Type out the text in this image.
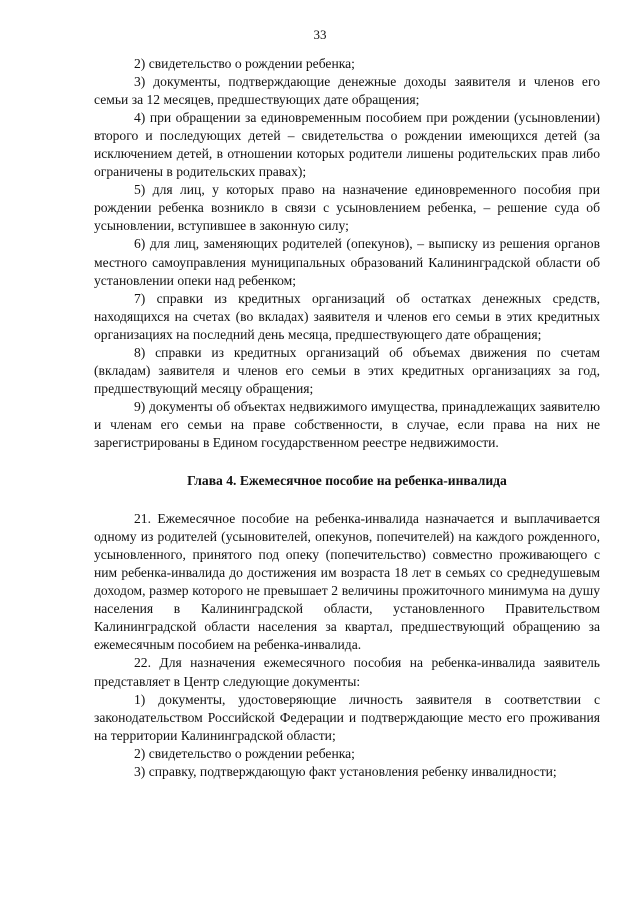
33

2) свидетельство о рождении ребенка;

3) документы, подтверждающие денежные доходы заявителя и членов его семьи за 12 месяцев, предшествующих дате обращения;

4) при обращении за единовременным пособием при рождении (усыновлении) второго и последующих детей – свидетельства о рождении имеющихся детей (за исключением детей, в отношении которых родители лишены родительских прав либо ограничены в родительских правах);

5) для лиц, у которых право на назначение единовременного пособия при рождении ребенка возникло в связи с усыновлением ребенка, – решение суда об усыновлении, вступившее в законную силу;

6) для лиц, заменяющих родителей (опекунов), – выписку из решения органов местного самоуправления муниципальных образований Калининградской области об установлении опеки над ребенком;

7) справки из кредитных организаций об остатках денежных средств, находящихся на счетах (во вкладах) заявителя и членов его семьи в этих кредитных организациях на последний день месяца, предшествующего дате обращения;

8) справки из кредитных организаций об объемах движения по счетам (вкладам) заявителя и членов его семьи в этих кредитных организациях за год, предшествующий месяцу обращения;

9) документы об объектах недвижимого имущества, принадлежащих заявителю и членам его семьи на праве собственности, в случае, если права на них не зарегистрированы в Едином государственном реестре недвижимости.

Глава 4. Ежемесячное пособие на ребенка-инвалида

21. Ежемесячное пособие на ребенка-инвалида назначается и выплачивается одному из родителей (усыновителей, опекунов, попечителей) на каждого рожденного, усыновленного, принятого под опеку (попечительство) совместно проживающего с ним ребенка-инвалида до достижения им возраста 18 лет в семьях со среднедушевым доходом, размер которого не превышает 2 величины прожиточного минимума на душу населения в Калининградской области, установленного Правительством Калининградской области населения за квартал, предшествующий обращению за ежемесячным пособием на ребенка-инвалида.

22. Для назначения ежемесячного пособия на ребенка-инвалида заявитель представляет в Центр следующие документы:

1) документы, удостоверяющие личность заявителя в соответствии с законодательством Российской Федерации и подтверждающие место его проживания на территории Калининградской области;

2) свидетельство о рождении ребенка;

3) справку, подтверждающую факт установления ребенку инвалидности;
